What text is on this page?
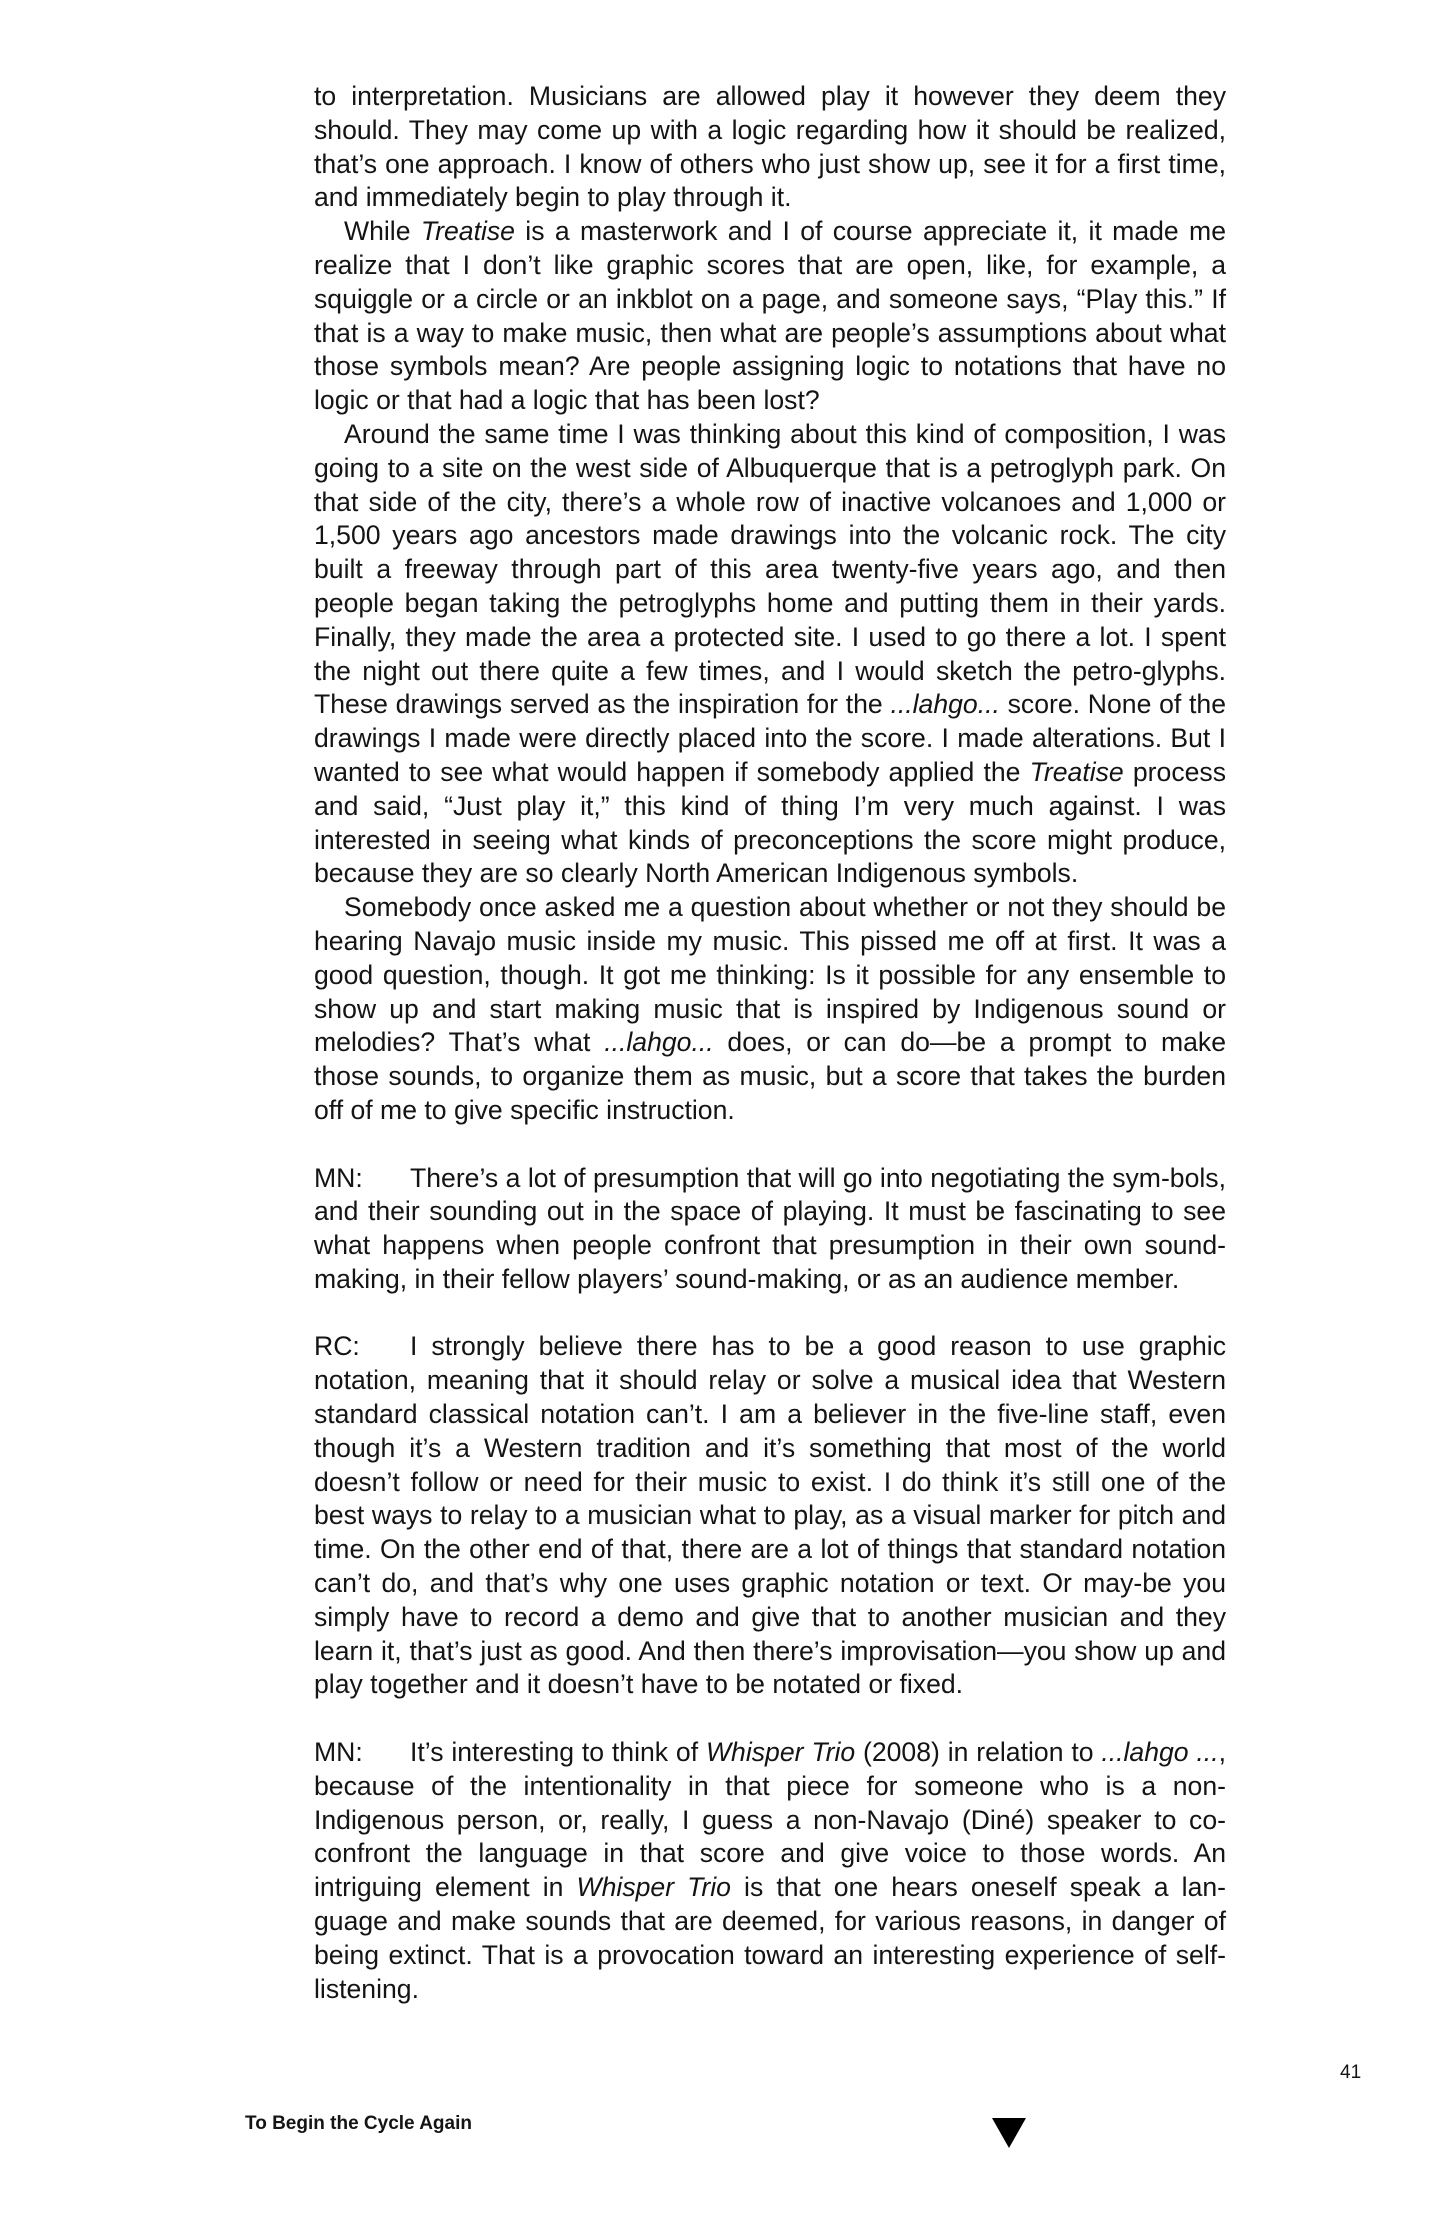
to interpretation. Musicians are allowed play it however they deem they should. They may come up with a logic regarding how it should be realized, that’s one approach. I know of others who just show up, see it for a first time, and immediately begin to play through it.

While Treatise is a masterwork and I of course appreciate it, it made me realize that I don’t like graphic scores that are open, like, for example, a squiggle or a circle or an inkblot on a page, and someone says, “Play this.” If that is a way to make music, then what are people’s assumptions about what those symbols mean? Are people assigning logic to notations that have no logic or that had a logic that has been lost?

Around the same time I was thinking about this kind of composition, I was going to a site on the west side of Albuquerque that is a petroglyph park. On that side of the city, there’s a whole row of inactive volcanoes and 1,000 or 1,500 years ago ancestors made drawings into the volcanic rock. The city built a freeway through part of this area twenty-five years ago, and then people began taking the petroglyphs home and putting them in their yards. Finally, they made the area a protected site. I used to go there a lot. I spent the night out there quite a few times, and I would sketch the petro-glyphs. These drawings served as the inspiration for the ...lahgo... score. None of the drawings I made were directly placed into the score. I made alterations. But I wanted to see what would happen if somebody applied the Treatise process and said, “Just play it,” this kind of thing I’m very much against. I was interested in seeing what kinds of preconceptions the score might produce, because they are so clearly North American Indigenous symbols.

Somebody once asked me a question about whether or not they should be hearing Navajo music inside my music. This pissed me off at first. It was a good question, though. It got me thinking: Is it possible for any ensemble to show up and start making music that is inspired by Indigenous sound or melodies? That’s what ...lahgo... does, or can do—be a prompt to make those sounds, to organize them as music, but a score that takes the burden off of me to give specific instruction.

MN: There’s a lot of presumption that will go into negotiating the sym-bols, and their sounding out in the space of playing. It must be fascinating to see what happens when people confront that presumption in their own sound-making, in their fellow players’ sound-making, or as an audience member.

RC: I strongly believe there has to be a good reason to use graphic notation, meaning that it should relay or solve a musical idea that Western standard classical notation can’t. I am a believer in the five-line staff, even though it’s a Western tradition and it’s something that most of the world doesn’t follow or need for their music to exist. I do think it’s still one of the best ways to relay to a musician what to play, as a visual marker for pitch and time. On the other end of that, there are a lot of things that standard notation can’t do, and that’s why one uses graphic notation or text. Or may-be you simply have to record a demo and give that to another musician and they learn it, that’s just as good. And then there’s improvisation—you show up and play together and it doesn’t have to be notated or fixed.

MN: It’s interesting to think of Whisper Trio (2008) in relation to ...lahgo ..., because of the intentionality in that piece for someone who is a non-Indigenous person, or, really, I guess a non-Navajo (Diné) speaker to co-confront the language in that score and give voice to those words. An intriguing element in Whisper Trio is that one hears oneself speak a lan-guage and make sounds that are deemed, for various reasons, in danger of being extinct. That is a provocation toward an interesting experience of self-listening.

41
To Begin the Cycle Again
